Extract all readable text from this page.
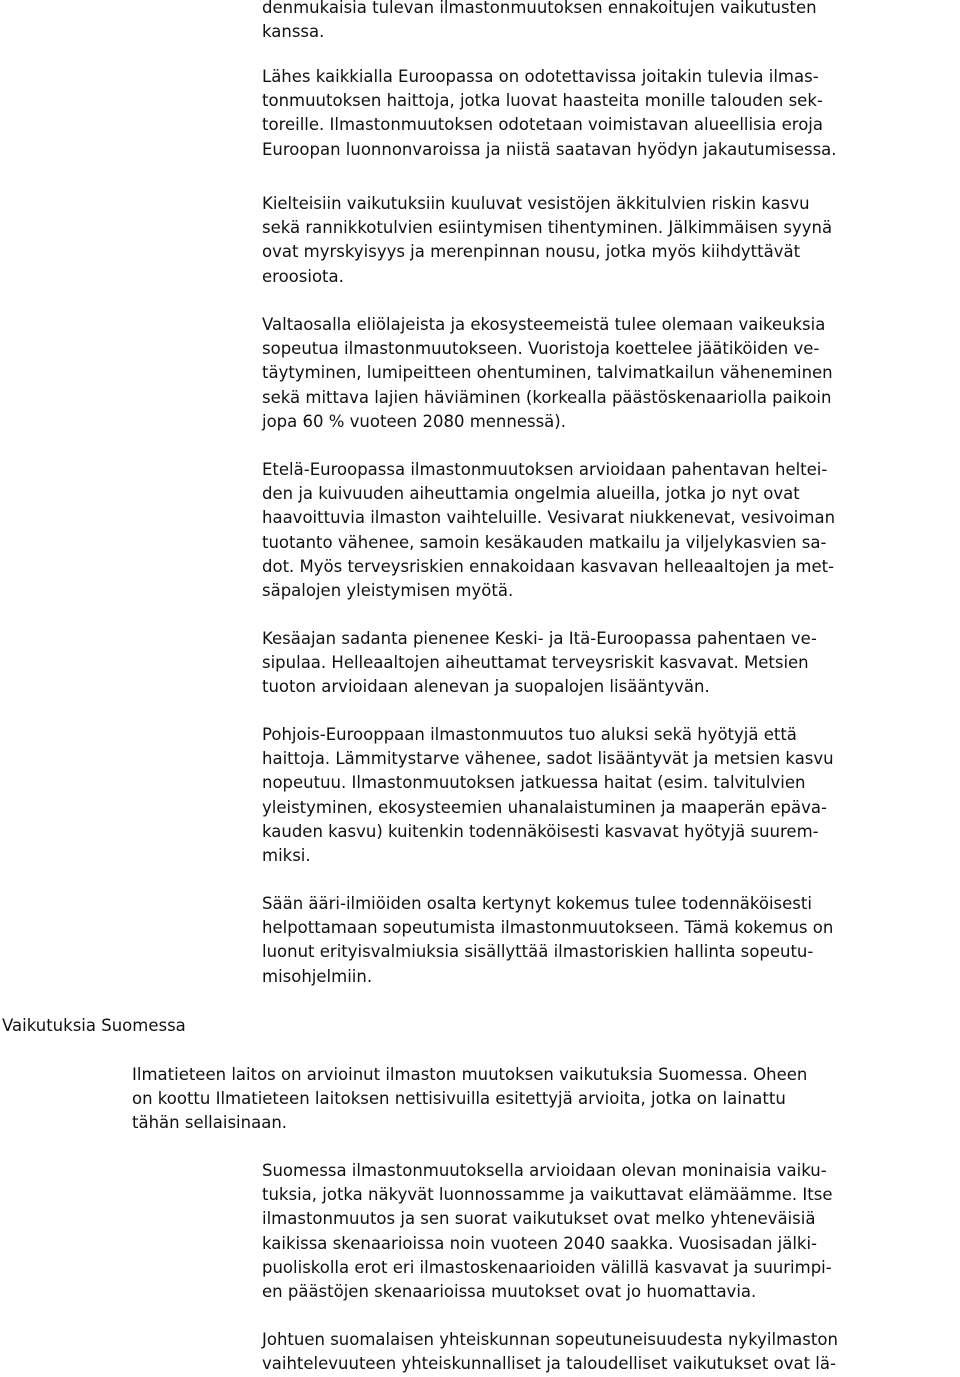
denmukaisia tulevan ilmastonmuutoksen ennakoitujen vaikutusten
kanssa.

Lähes kaikkialla Euroopassa on odotettavissa joitakin tulevia ilmas-
tonmuutoksen haittoja, jotka luovat haasteita monille talouden sek-
toreille. Ilmastonmuutoksen odotetaan voimistavan alueellisia eroja
Euroopan luonnonvaroissa ja niistä saatavan hyödyn jakautumisessa.

Kielteisiin vaikutuksiin kuuluvat vesistöjen äkkitulvien riskin kasvu
sekä rannikkotulvien esiintymisen tihentyminen. Jälkimmäisen syynä
ovat myrskyisyys ja merenpinnan nousu, jotka myös kiihdyttävät
eroosiota.

Valtaosalla eliölajeista ja ekosysteemeistä tulee olemaan vaikeuksia
sopeutua ilmastonmuutokseen. Vuoristoja koettelee jäätiköiden ve-
täytyminen, lumipeitteen ohentuminen, talvimatkailun väheneminen
sekä mittava lajien häviäminen (korkealla päästöskenaariolla paikoin
jopa 60 % vuoteen 2080 mennessä).

Etelä-Euroopassa ilmastonmuutoksen arvioidaan pahentavan heltei-
den ja kuivuuden aiheuttamia ongelmia alueilla, jotka jo nyt ovat
haavoittuvia ilmaston vaihteluille. Vesivarat niukkenevat, vesivoiman
tuotanto vähenee, samoin kesäkauden matkailu ja viljelykasvien sa-
dot. Myös terveysriskien ennakoidaan kasvavan helleaaltojen ja met-
säpalojen yleistymisen myötä.

Kesäajan sadanta pienenee Keski- ja Itä-Euroopassa pahentaen ve-
sipulaa. Helleaaltojen aiheuttamat terveysriskit kasvavat. Metsien
tuoton arvioidaan alenevan ja suopalojen lisääntyvän.

Pohjois-Eurooppaan ilmastonmuutos tuo aluksi sekä hyötyjä että
haittoja. Lämmitystarve vähenee, sadot lisääntyvät ja metsien kasvu
nopeutuu. Ilmastonmuutoksen jatkuessa haitat (esim. talvitulvien
yleistyminen, ekosysteemien uhanalaistuminen ja maaperän epäva-
kauden kasvu) kuitenkin todennäköisesti kasvavat hyötyjä suurem-
miksi.

Sään ääri-ilmiöiden osalta kertynyt kokemus tulee todennäköisesti
helpottamaan sopeutumista ilmastonmuutokseen. Tämä kokemus on
luonut erityisvalmiuksia sisällyttää ilmastoriskien hallinta sopeutu-
misohjelmiin.

Vaikutuksia Suomessa

Ilmatieteen laitos on arvioinut ilmaston muutoksen vaikutuksia Suomessa. Oheen
on koottu Ilmatieteen laitoksen nettisivuilla esitettyjä arvioita, jotka on lainattu
tähän sellaisinaan.

Suomessa ilmastonmuutoksella arvioidaan olevan moninaisia vaiku-
tuksia, jotka näkyvät luonnossamme ja vaikuttavat elämäämme. Itse
ilmastonmuutos ja sen suorat vaikutukset ovat melko yhteneväisiä
kaikissa skenaarioissa noin vuoteen 2040 saakka. Vuosisadan jälki-
puoliskolla erot eri ilmastoskenaarioiden välillä kasvavat ja suurimpi-
en päästöjen skenaarioissa muutokset ovat jo huomattavia.

Johtuen suomalaisen yhteiskunnan sopeutuneisuudesta nykyilmaston
vaihtelevuuteen yhteiskunnalliset ja taloudelliset vaikutukset ovat lä-
